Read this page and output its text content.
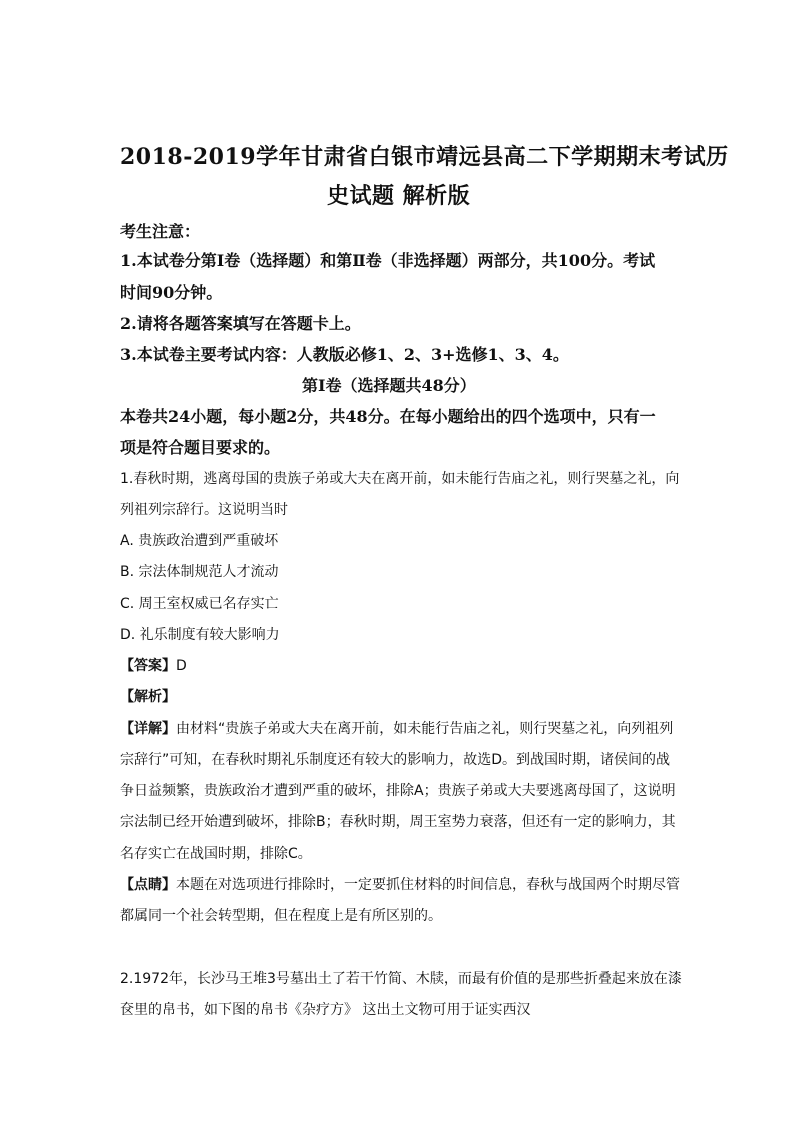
2018-2019学年甘肃省白银市靖远县高二下学期期末考试历
史试题 解析版
考生注意：
1.本试卷分第Ⅰ卷（选择题）和第Ⅱ卷（非选择题）两部分，共100分。考试
时间90分钟。
2.请将各题答案填写在答题卡上。
3.本试卷主要考试内容：人教版必修1、2、3+选修1、3、4。
第Ⅰ卷（选择题共48分）
本卷共24小题，每小题2分，共48分。在每小题给出的四个选项中，只有一
项是符合题目要求的。
1.春秋时期，逃离母国的贵族子弟或大夫在离开前，如未能行告庙之礼，则行哭墓之礼，向
列祖列宗辞行。这说明当时
A. 贵族政治遭到严重破坏
B. 宗法体制规范人才流动
C. 周王室权威已名存实亡
D. 礼乐制度有较大影响力
【答案】D
【解析】
【详解】由材料“贵族子弟或大夫在离开前，如未能行告庙之礼，则行哭墓之礼，向列祖列
宗辞行”可知，在春秋时期礼乐制度还有较大的影响力，故选D。到战国时期，诸侯间的战
争日益频繁，贵族政治才遭到严重的破坏，排除A；贵族子弟或大夫要逃离母国了，这说明
宗法制已经开始遭到破坏，排除B；春秋时期，周王室势力衰落，但还有一定的影响力，其
名存实亡在战国时期，排除C。
【点睛】本题在对选项进行排除时，一定要抓住材料的时间信息，春秋与战国两个时期尽管
都属同一个社会转型期，但在程度上是有所区别的。
2.1972年，长沙马王堆3号墓出土了若干竹简、木牍，而最有价值的是那些折叠起来放在漆
奁里的帛书，如下图的帛书《杂疗方》 这出土文物可用于证实西汉
